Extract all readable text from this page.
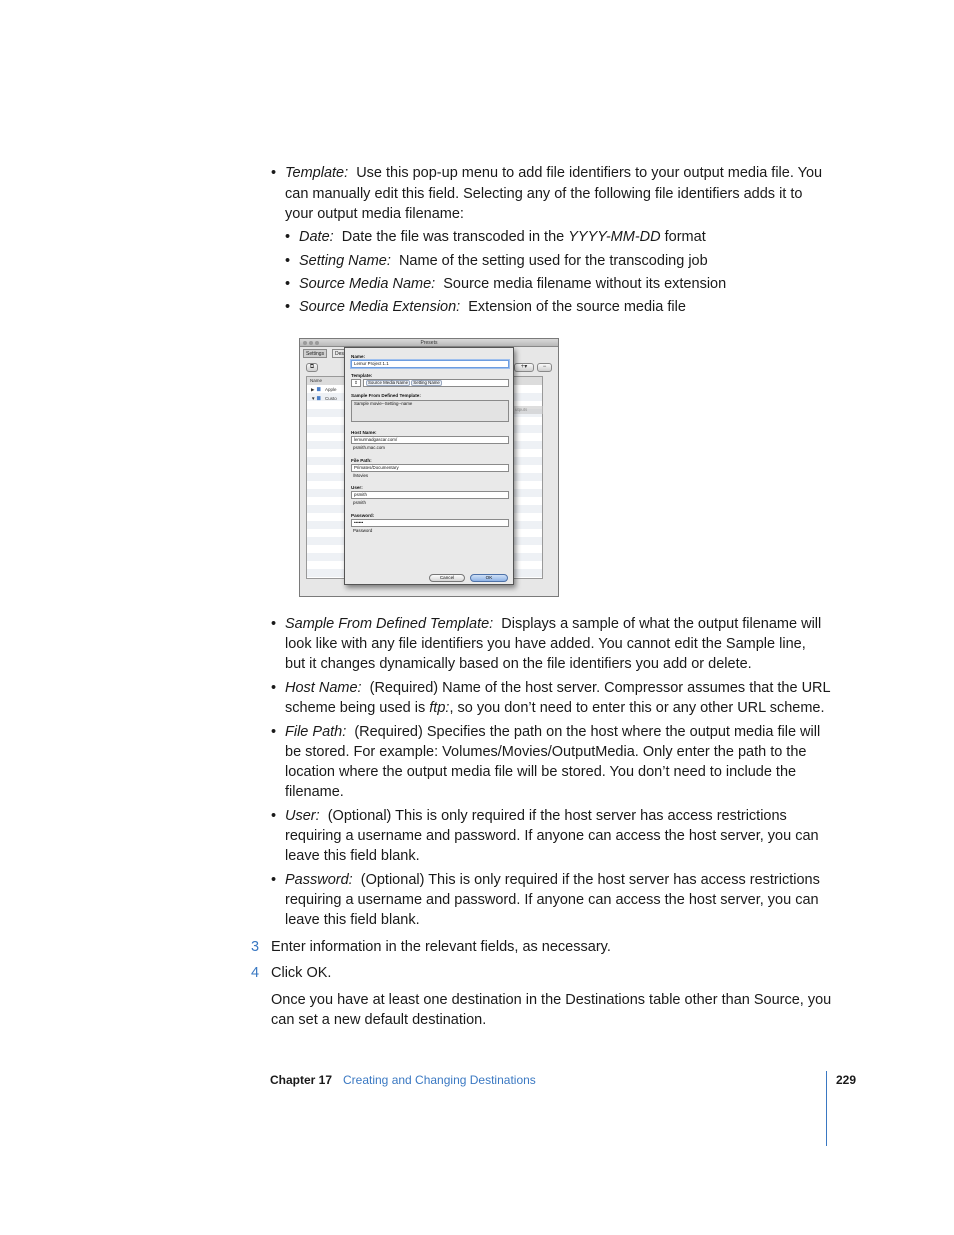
• Template: Use this pop-up menu to add file identifiers to your output media file. You
can manually edit this field. Selecting any of the following file identifiers adds it to
your output media filename:
• Date: Date the file was transcoded in the YYYY-MM-DD format
• Setting Name: Name of the setting used for the transcoding job
• Source Media Name: Source media filename without its extension
• Source Media Extension: Extension of the source media file
Presets
Settings	Des
⧉	+▾	−
Name
▶ ▆ Apple
▼ ▆ Custo
Name:
Lemur Project 1.1
Template:
⇕	Source Media Name Setting Name
Sample From Defined Template:
Sample movie--Setting--name
Host Name:
lemurmadgascar.com/
psmith.mac.com
File Path:
Primates/Documentary
/Movies
User:
psmith
psmith
Password:
••••••
Password
Cancel	OK
• Sample From Defined Template: Displays a sample of what the output filename will
look like with any file identifiers you have added. You cannot edit the Sample line,
but it changes dynamically based on the file identifiers you add or delete.
• Host Name: (Required) Name of the host server. Compressor assumes that the URL
scheme being used is ftp:, so you don’t need to enter this or any other URL scheme.
• File Path: (Required) Specifies the path on the host where the output media file will
be stored. For example: Volumes/Movies/OutputMedia. Only enter the path to the
location where the output media file will be stored. You don’t need to include the
filename.
• User: (Optional) This is only required if the host server has access restrictions
requiring a username and password. If anyone can access the host server, you can
leave this field blank.
• Password: (Optional) This is only required if the host server has access restrictions
requiring a username and password. If anyone can access the host server, you can
leave this field blank.
3 Enter information in the relevant fields, as necessary.
4 Click OK.
Once you have at least one destination in the Destinations table other than Source, you
can set a new default destination.
Chapter 17 Creating and Changing Destinations	229
